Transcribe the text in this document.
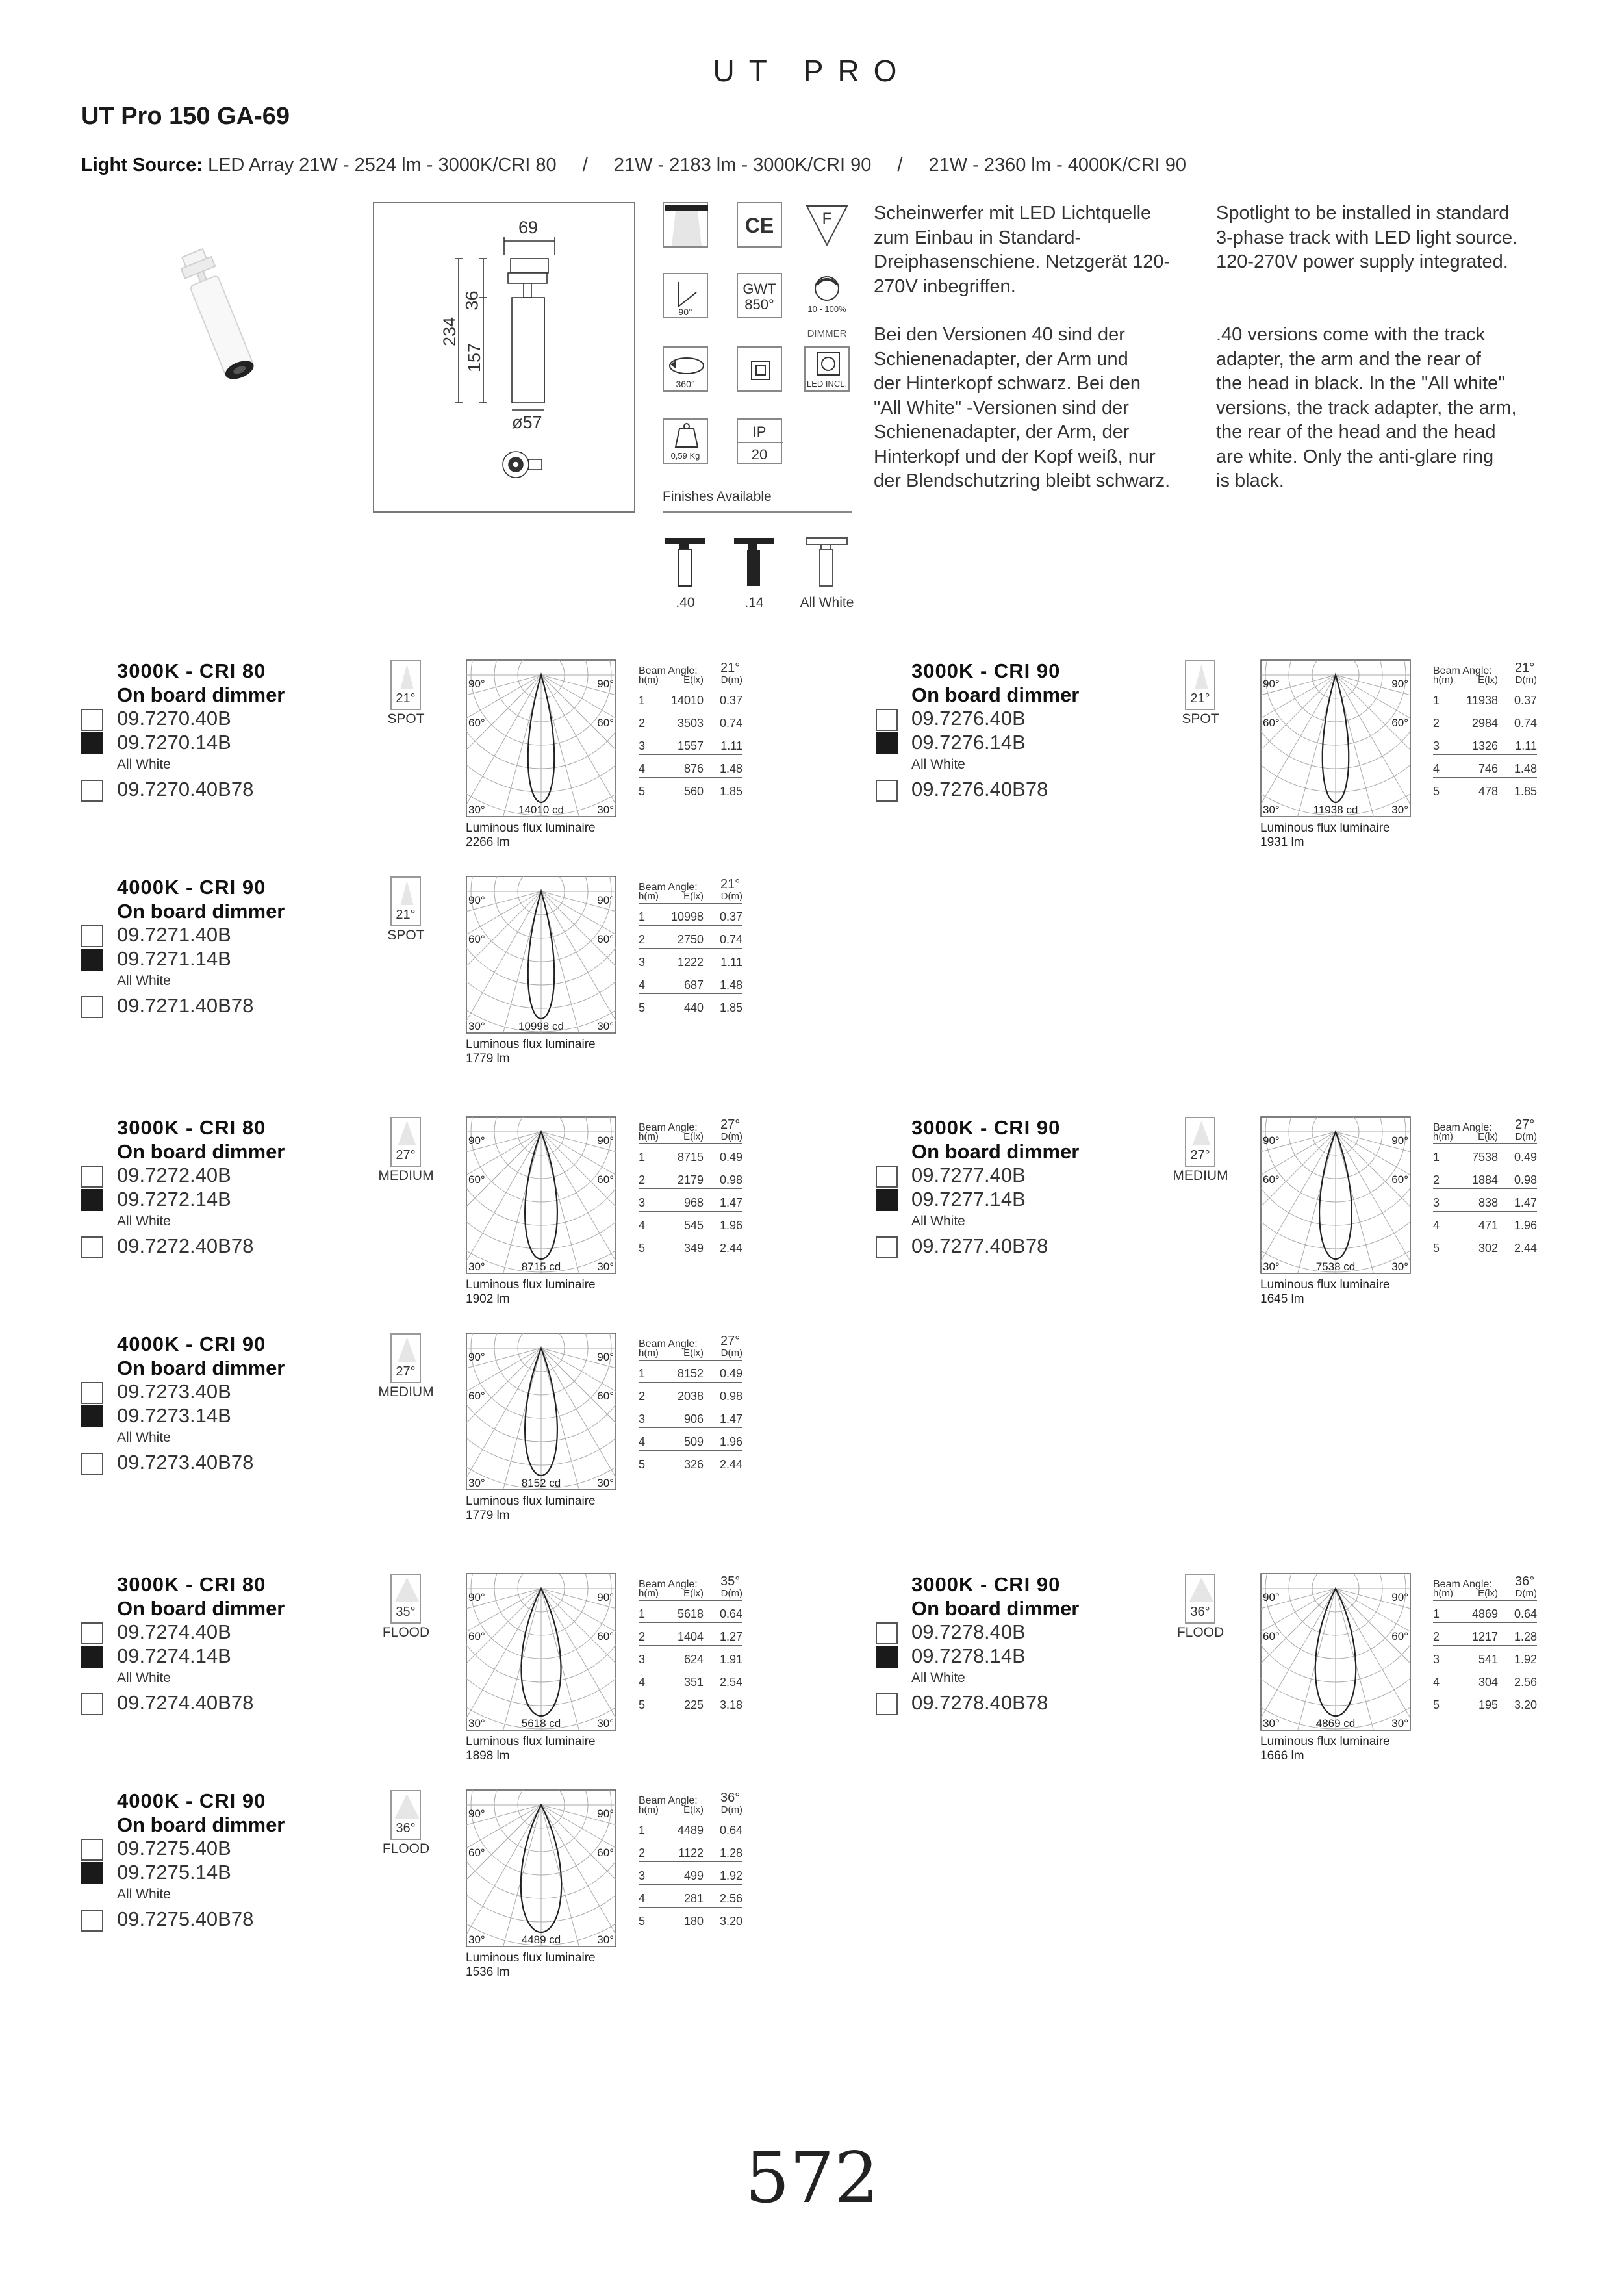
UT PRO
UT Pro 150 GA-69
Light Source: LED Array 21W - 2524 lm - 3000K/CRI 80 / 21W - 2183 lm - 3000K/CRI 90 / 21W - 2360 lm - 4000K/CRI 90
69
36
234
157
ø57
CE	F
90°
GWT
850°	10 - 100%
DIMMER
360°	LED INCL.
0,59 Kg
IP
20
Finishes Available
.40	.14	All White
Scheinwerfer mit LED Lichtquelle
zum Einbau in Standard-
Dreiphasenschiene. Netzgerät 120-
270V inbegriffen.
Bei den Versionen 40 sind der
Schienenadapter, der Arm und
der Hinterkopf schwarz. Bei den
"All White" -Versionen sind der
Schienenadapter, der Arm, der
Hinterkopf und der Kopf weiß, nur
der Blendschutzring bleibt schwarz.
Spotlight to be installed in standard
3-phase track with LED light source.
120-270V power supply integrated.
.40 versions come with the track
adapter, the arm and the rear of
the head in black. In the "All white"
versions, the track adapter, the arm,
the rear of the head and the head
are white. Only the anti-glare ring
is black.
3000K - CRI 80
On board dimmer
09.7270.40B
09.7270.14B
All White
09.7270.40B78
21°
SPOT
90°	90°
60°	60°
30°	30°
14010 cd
Luminous flux luminaire
2266 lm
Beam Angle: 21°
h(m)	E(lx) D(m)
1 14010 0.37
2	3503 0.74
3	1557 1.11
4	876 1.48
5	560 1.85
3000K - CRI 90
On board dimmer
09.7276.40B
09.7276.14B
All White
09.7276.40B78
21°
SPOT
90°	90°
60°	60°
30°	30°
11938 cd
Luminous flux luminaire
1931 lm
Beam Angle: 21°
h(m)	E(lx) D(m)
1 11938 0.37
2	2984 0.74
3	1326 1.11
4	746 1.48
5	478 1.85
4000K - CRI 90
On board dimmer
09.7271.40B
09.7271.14B
All White
09.7271.40B78
21°
SPOT
90°	90°
60°	60°
30°	30°
10998 cd
Luminous flux luminaire
1779 lm
Beam Angle: 21°
h(m)	E(lx) D(m)
1 10998 0.37
2	2750 0.74
3	1222 1.11
4	687 1.48
5	440 1.85
3000K - CRI 80
On board dimmer
09.7272.40B
09.7272.14B
All White
09.7272.40B78
27°
MEDIUM
90°	90°
60°	60°
30°	30°
8715 cd
Luminous flux luminaire
1902 lm
Beam Angle: 27°
h(m)	E(lx) D(m)
1	8715 0.49
2	2179 0.98
3	968 1.47
4	545 1.96
5	349 2.44
3000K - CRI 90
On board dimmer
09.7277.40B
09.7277.14B
All White
09.7277.40B78
27°
MEDIUM
90°	90°
60°	60°
30°	30°
7538 cd
Luminous flux luminaire
1645 lm
Beam Angle: 27°
h(m)	E(lx) D(m)
1	7538 0.49
2	1884 0.98
3	838 1.47
4	471 1.96
5	302 2.44
4000K - CRI 90
On board dimmer
09.7273.40B
09.7273.14B
All White
09.7273.40B78
27°
MEDIUM
90°	90°
60°	60°
30°	30°
8152 cd
Luminous flux luminaire
1779 lm
Beam Angle: 27°
h(m)	E(lx) D(m)
1	8152 0.49
2	2038 0.98
3	906 1.47
4	509 1.96
5	326 2.44
3000K - CRI 80
On board dimmer
09.7274.40B
09.7274.14B
All White
09.7274.40B78
35°
FLOOD
90°	90°
60°	60°
30°	30°
5618 cd
Luminous flux luminaire
1898 lm
Beam Angle: 35°
h(m)	E(lx) D(m)
1	5618 0.64
2	1404 1.27
3	624 1.91
4	351 2.54
5	225 3.18
3000K - CRI 90
On board dimmer
09.7278.40B
09.7278.14B
All White
09.7278.40B78
36°
FLOOD
90°	90°
60°	60°
30°	30°
4869 cd
Luminous flux luminaire
1666 lm
Beam Angle: 36°
h(m)	E(lx) D(m)
1	4869 0.64
2	1217 1.28
3	541 1.92
4	304 2.56
5	195 3.20
4000K - CRI 90
On board dimmer
09.7275.40B
09.7275.14B
All White
09.7275.40B78
36°
FLOOD
90°	90°
60°	60°
30°	30°
4489 cd
Luminous flux luminaire
1536 lm
Beam Angle: 36°
h(m)	E(lx) D(m)
1	4489 0.64
2	1122 1.28
3	499 1.92
4	281 2.56
5	180 3.20
572
